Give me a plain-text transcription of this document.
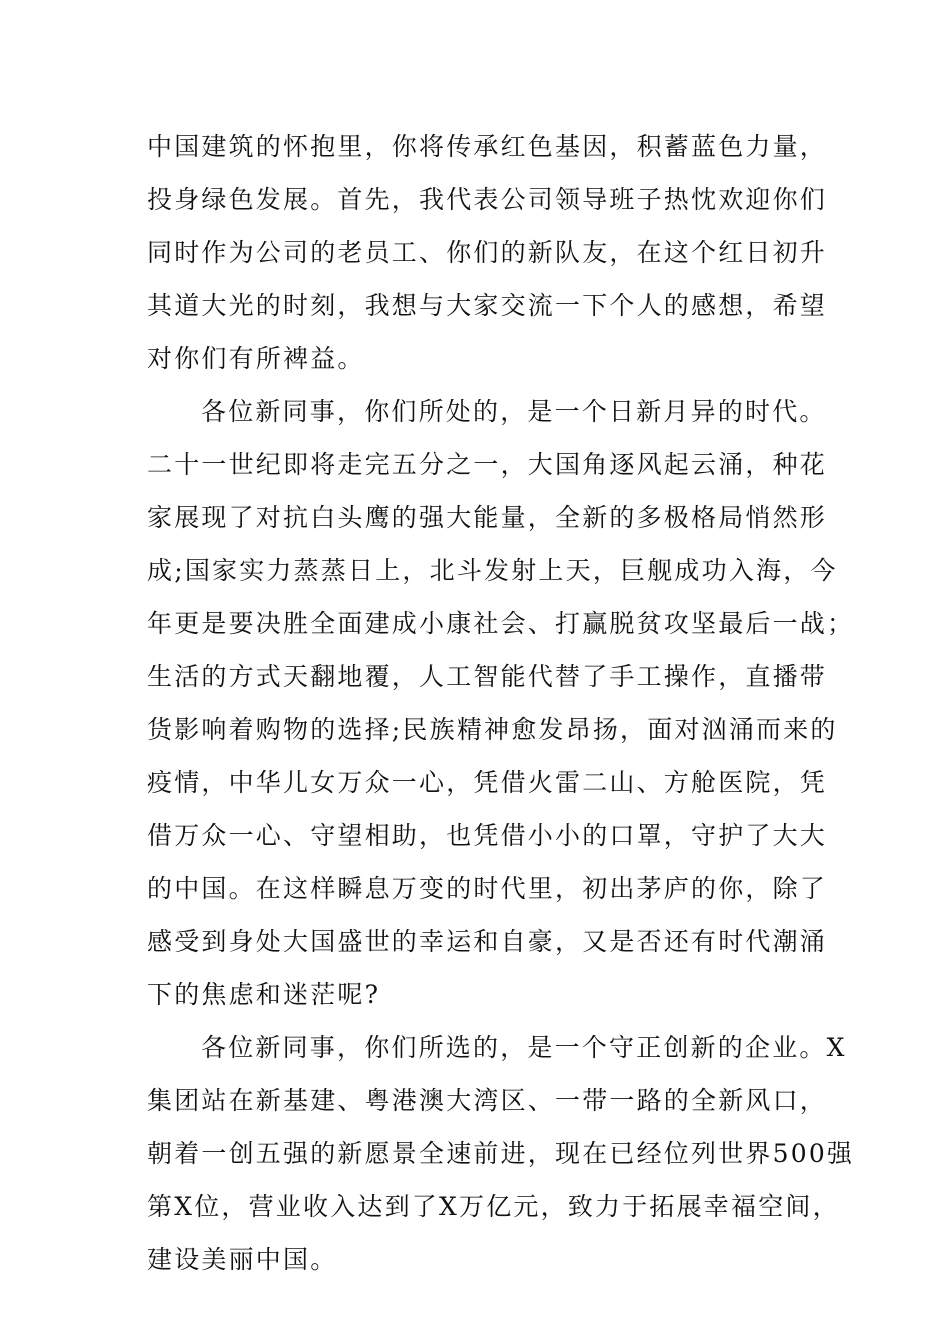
中国建筑的怀抱里，你将传承红色基因，积蓄蓝色力量，
投身绿色发展。首先，我代表公司领导班子热忱欢迎你们
同时作为公司的老员工、你们的新队友，在这个红日初升
其道大光的时刻，我想与大家交流一下个人的感想，希望
对你们有所裨益。
各位新同事，你们所处的，是一个日新月异的时代。
二十一世纪即将走完五分之一，大国角逐风起云涌，种花
家展现了对抗白头鹰的强大能量，全新的多极格局悄然形
成;国家实力蒸蒸日上，北斗发射上天，巨舰成功入海，今
年更是要决胜全面建成小康社会、打赢脱贫攻坚最后一战；
生活的方式天翻地覆，人工智能代替了手工操作，直播带
货影响着购物的选择;民族精神愈发昂扬，面对汹涌而来的
疫情，中华儿女万众一心，凭借火雷二山、方舱医院，凭
借万众一心、守望相助，也凭借小小的口罩，守护了大大
的中国。在这样瞬息万变的时代里，初出茅庐的你，除了
感受到身处大国盛世的幸运和自豪，又是否还有时代潮涌
下的焦虑和迷茫呢?
各位新同事，你们所选的，是一个守正创新的企业。X
集团站在新基建、粤港澳大湾区、一带一路的全新风口，
朝着一创五强的新愿景全速前进，现在已经位列世界500强
第X位，营业收入达到了X万亿元，致力于拓展幸福空间，
建设美丽中国。
